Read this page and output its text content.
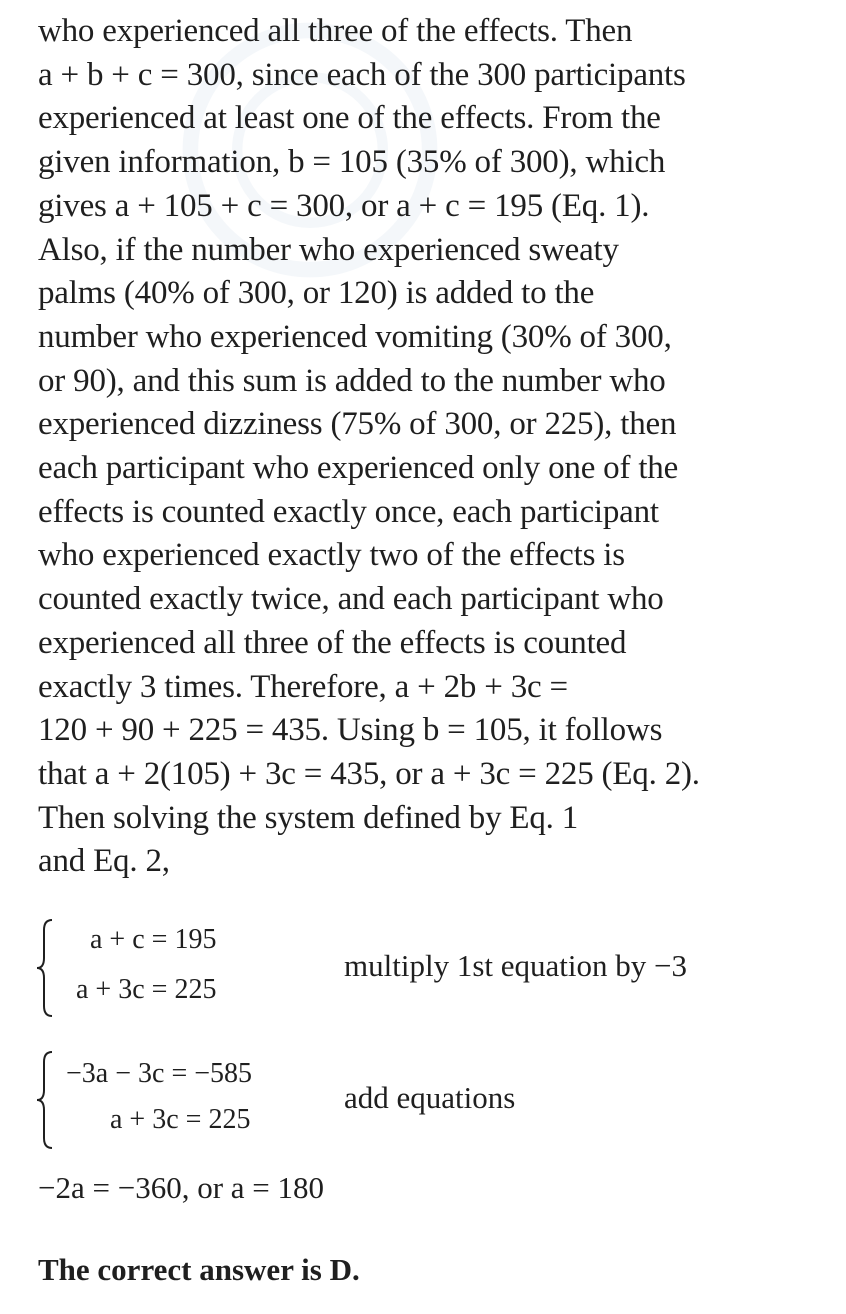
who experienced all three of the effects. Then
a + b + c = 300, since each of the 300 participants
experienced at least one of the effects. From the
given information, b = 105 (35% of 300), which
gives a + 105 + c = 300, or a + c = 195 (Eq. 1).
Also, if the number who experienced sweaty
palms (40% of 300, or 120) is added to the
number who experienced vomiting (30% of 300,
or 90), and this sum is added to the number who
experienced dizziness (75% of 300, or 225), then
each participant who experienced only one of the
effects is counted exactly once, each participant
who experienced exactly two of the effects is
counted exactly twice, and each participant who
experienced all three of the effects is counted
exactly 3 times. Therefore, a + 2b + 3c =
120 + 90 + 225 = 435. Using b = 105, it follows
that a + 2(105) + 3c = 435, or a + 3c = 225 (Eq. 2).
Then solving the system defined by Eq. 1
and Eq. 2,
a + c = 195
a + 3c = 225
multiply 1st equation by −3
−3a − 3c = −585
a + 3c = 225
add equations
−2a = −360, or a = 180
The correct answer is D.
